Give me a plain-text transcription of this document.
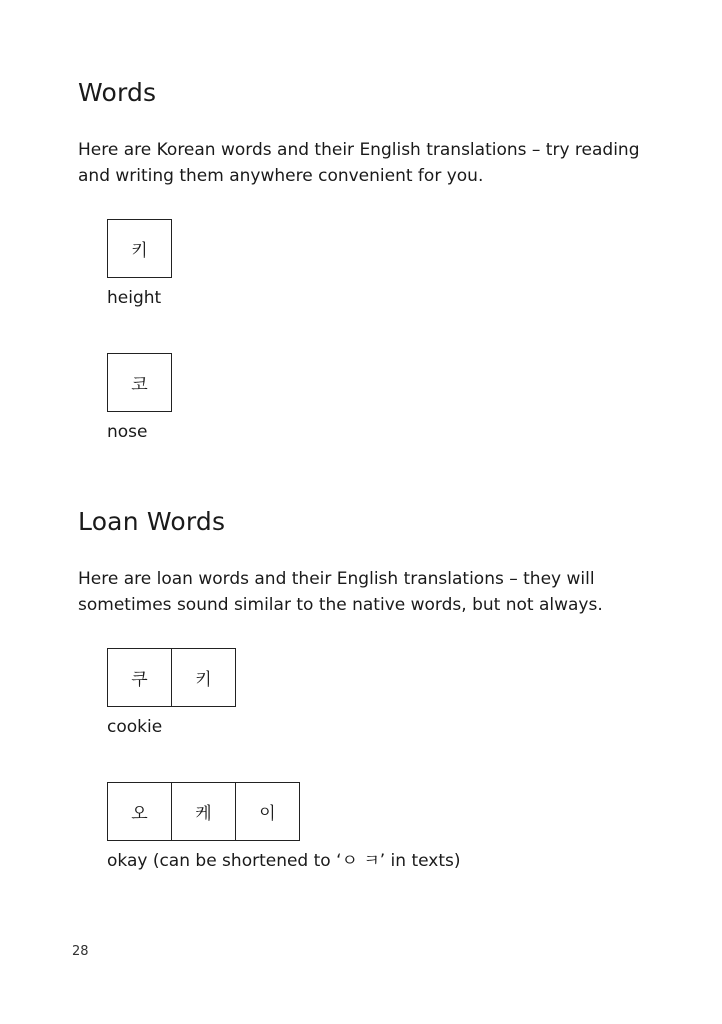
Words

Here are Korean words and their English translations – try reading and writing them anywhere convenient for you.

키
height
코
nose
Loan Words

Here are loan words and their English translations – they will sometimes sound similar to the native words, but not always.

쿠	키
cookie
오	케	이
okay (can be shortened to ‘ㅇ ㅋ’ in texts)
28
